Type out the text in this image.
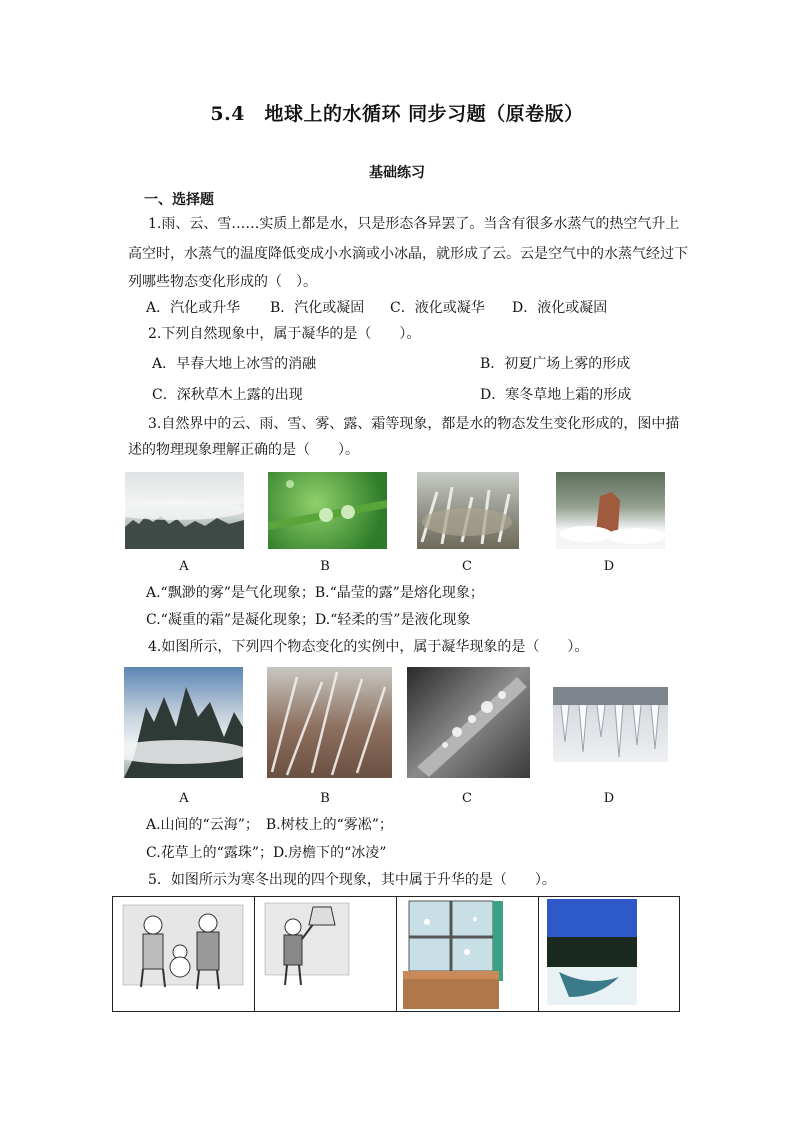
5.4　地球上的水循环 同步习题（原卷版）
基础练习
一、选择题
1.雨、云、雪……实质上都是水，只是形态各异罢了。当含有很多水蒸气的热空气升上
高空时，水蒸气的温度降低变成小水滴或小冰晶，就形成了云。云是空气中的水蒸气经过下
列哪些物态变化形成的（　）。
A．汽化或升华 B．汽化或凝固 C．液化或凝华 D．液化或凝固
2.下列自然现象中，属于凝华的是（　　）。
A．早春大地上冰雪的消融	B．初夏广场上雾的形成
C．深秋草木上露的出现	D．寒冬草地上霜的形成
3.自然界中的云、雨、雪、雾、露、霜等现象，都是水的物态发生变化形成的，图中描
述的物理现象理解正确的是（　　）。
A	B	C	D
A.“飘渺的雾”是气化现象；B.“晶莹的露”是熔化现象；
C.“凝重的霜”是凝化现象；D.“轻柔的雪”是液化现象
4.如图所示，下列四个物态变化的实例中，属于凝华现象的是（　　）。
A	B	C	D
A.山间的“云海”；　B.树枝上的“雾凇”；
C.花草上的“露珠”；D.房檐下的“冰凌”
5．如图所示为寒冬出现的四个现象，其中属于升华的是（　　）。
